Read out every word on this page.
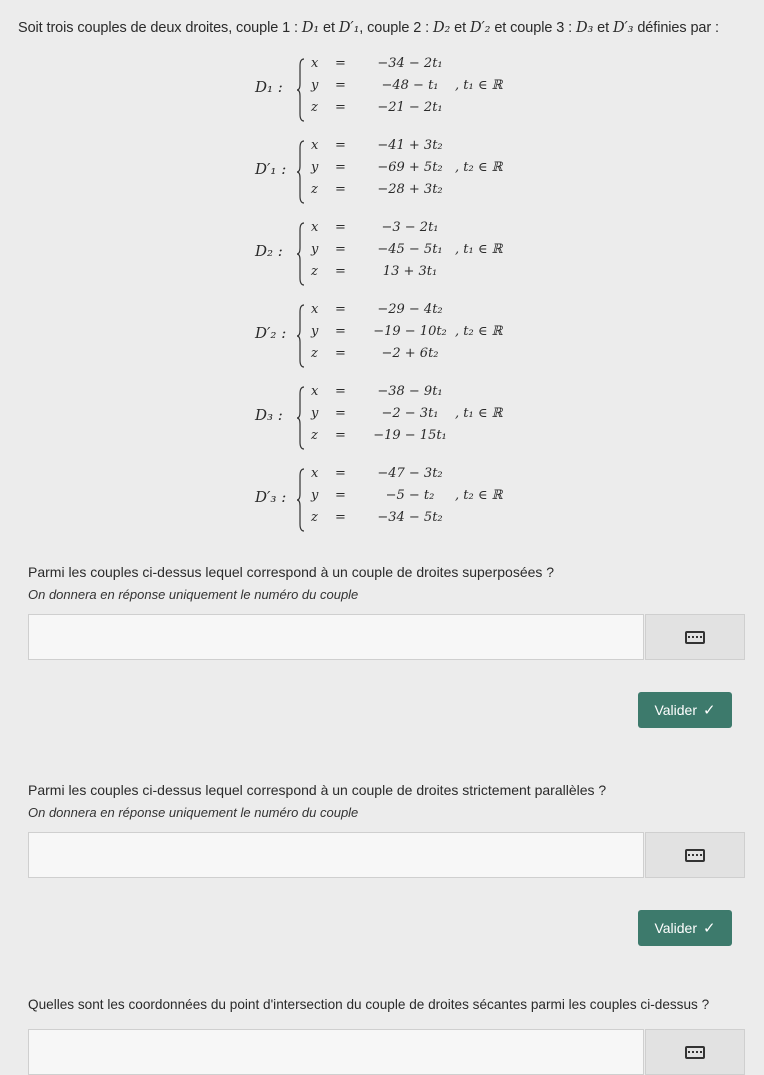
Soit trois couples de deux droites, couple 1 : D₁ et D′₁, couple 2 : D₂ et D′₂ et couple 3 : D₃ et D′₃ définies par :
D₁ :
x	=	−34 − 2t₁
y	=	−48 − t₁
z	=	−21 − 2t₁
, t₁ ∈ ℝ
D′₁ :
x	=	−41 + 3t₂
y	=	−69 + 5t₂
z	=	−28 + 3t₂
, t₂ ∈ ℝ
D₂ :
x	=	−3 − 2t₁
y	=	−45 − 5t₁
z	=	13 + 3t₁
, t₁ ∈ ℝ
D′₂ :
x	=	−29 − 4t₂
y	=	−19 − 10t₂
z	=	−2 + 6t₂
, t₂ ∈ ℝ
D₃ :
x	=	−38 − 9t₁
y	=	−2 − 3t₁
z	=	−19 − 15t₁
, t₁ ∈ ℝ
D′₃ :
x	=	−47 − 3t₂
y	=	−5 − t₂
z	=	−34 − 5t₂
, t₂ ∈ ℝ
Parmi les couples ci-dessus lequel correspond à un couple de droites superposées ?
On donnera en réponse uniquement le numéro du couple
Valider ✓
Parmi les couples ci-dessus lequel correspond à un couple de droites strictement parallèles ?
On donnera en réponse uniquement le numéro du couple
Valider ✓
Quelles sont les coordonnées du point d'intersection du couple de droites sécantes parmi les couples ci-dessus ?
